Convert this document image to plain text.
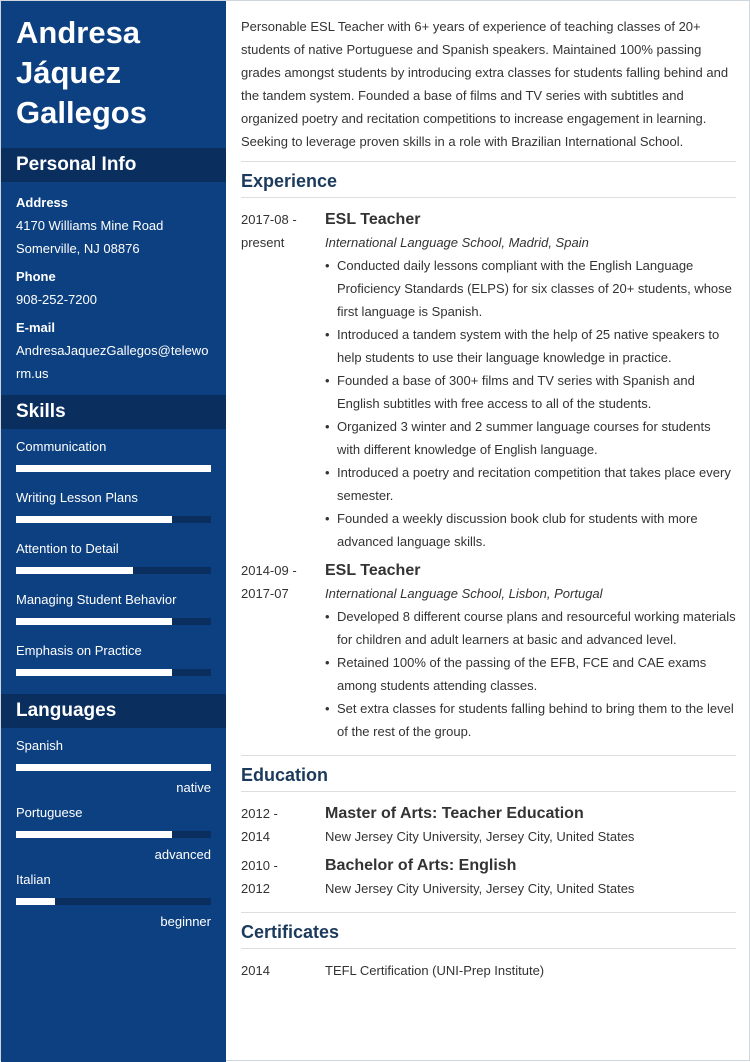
Andresa Jáquez Gallegos
Personal Info
Address
4170 Williams Mine Road
Somerville, NJ 08876
Phone
908-252-7200
E-mail
AndresaJaquezGallegos@teleworm.us
Skills
Communication
Writing Lesson Plans
Attention to Detail
Managing Student Behavior
Emphasis on Practice
Languages
Spanish
native
Portuguese
advanced
Italian
beginner
Personable ESL Teacher with 6+ years of experience of teaching classes of 20+ students of native Portuguese and Spanish speakers. Maintained 100% passing grades amongst students by introducing extra classes for students falling behind and the tandem system. Founded a base of films and TV series with subtitles and organized poetry and recitation competitions to increase engagement in learning. Seeking to leverage proven skills in a role with Brazilian International School.
Experience
2017-08 -
present
ESL Teacher
International Language School, Madrid, Spain
• Conducted daily lessons compliant with the English Language Proficiency Standards (ELPS) for six classes of 20+ students, whose first language is Spanish.
• Introduced a tandem system with the help of 25 native speakers to help students to use their language knowledge in practice.
• Founded a base of 300+ films and TV series with Spanish and English subtitles with free access to all of the students.
• Organized 3 winter and 2 summer language courses for students with different knowledge of English language.
• Introduced a poetry and recitation competition that takes place every semester.
• Founded a weekly discussion book club for students with more advanced language skills.
2014-09 -
2017-07
ESL Teacher
International Language School, Lisbon, Portugal
• Developed 8 different course plans and resourceful working materials for children and adult learners at basic and advanced level.
• Retained 100% of the passing of the EFB, FCE and CAE exams among students attending classes.
• Set extra classes for students falling behind to bring them to the level of the rest of the group.
Education
2012 -
2014
Master of Arts: Teacher Education
New Jersey City University, Jersey City, United States
2010 -
2012
Bachelor of Arts: English
New Jersey City University, Jersey City, United States
Certificates
2014	TEFL Certification (UNI-Prep Institute)
